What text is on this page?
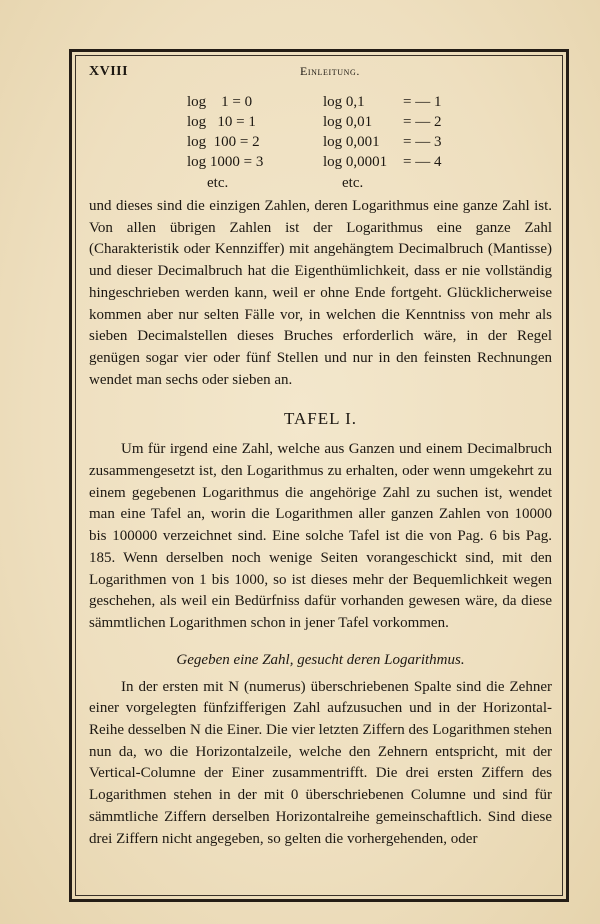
XVIII	Einleitung.
log    1 = 0	log 0,1	= — 1
log   10 = 1	log 0,01	= — 2
log  100 = 2	log 0,001	= — 3
log 1000 = 3	log 0,0001	= — 4
etc.	etc.

und dieses sind die einzigen Zahlen, deren Logarithmus eine ganze Zahl ist. Von allen übrigen Zahlen ist der Logarithmus eine ganze Zahl (Charakteristik oder Kennziffer) mit angehängtem Decimalbruch (Mantisse) und dieser Decimalbruch hat die Eigenthümlichkeit, dass er nie vollständig hingeschrieben werden kann, weil er ohne Ende fortgeht. Glücklicherweise kommen aber nur selten Fälle vor, in welchen die Kenntniss von mehr als sieben Decimalstellen dieses Bruches erforderlich wäre, in der Regel genügen sogar vier oder fünf Stellen und nur in den feinsten Rechnungen wendet man sechs oder sieben an.

TAFEL I.

Um für irgend eine Zahl, welche aus Ganzen und einem Decimalbruch zusammengesetzt ist, den Logarithmus zu erhalten, oder wenn umgekehrt zu einem gegebenen Logarithmus die angehörige Zahl zu suchen ist, wendet man eine Tafel an, worin die Logarithmen aller ganzen Zahlen von 10000 bis 100000 verzeichnet sind. Eine solche Tafel ist die von Pag. 6 bis Pag. 185. Wenn derselben noch wenige Seiten vorangeschickt sind, mit den Logarithmen von 1 bis 1000, so ist dieses mehr der Bequemlichkeit wegen geschehen, als weil ein Bedürfniss dafür vorhanden gewesen wäre, da diese sämmtlichen Logarithmen schon in jener Tafel vorkommen.

Gegeben eine Zahl, gesucht deren Logarithmus.

In der ersten mit N (numerus) überschriebenen Spalte sind die Zehner einer vorgelegten fünfzifferigen Zahl aufzusuchen und in der Horizontal-Reihe desselben N die Einer. Die vier letzten Ziffern des Logarithmen stehen nun da, wo die Horizontalzeile, welche den Zehnern entspricht, mit der Vertical-Columne der Einer zusammentrifft. Die drei ersten Ziffern des Logarithmen stehen in der mit 0 überschriebenen Columne und sind für sämmtliche Ziffern derselben Horizontalreihe gemeinschaftlich. Sind diese drei Ziffern nicht angegeben, so gelten die vorhergehenden, oder
